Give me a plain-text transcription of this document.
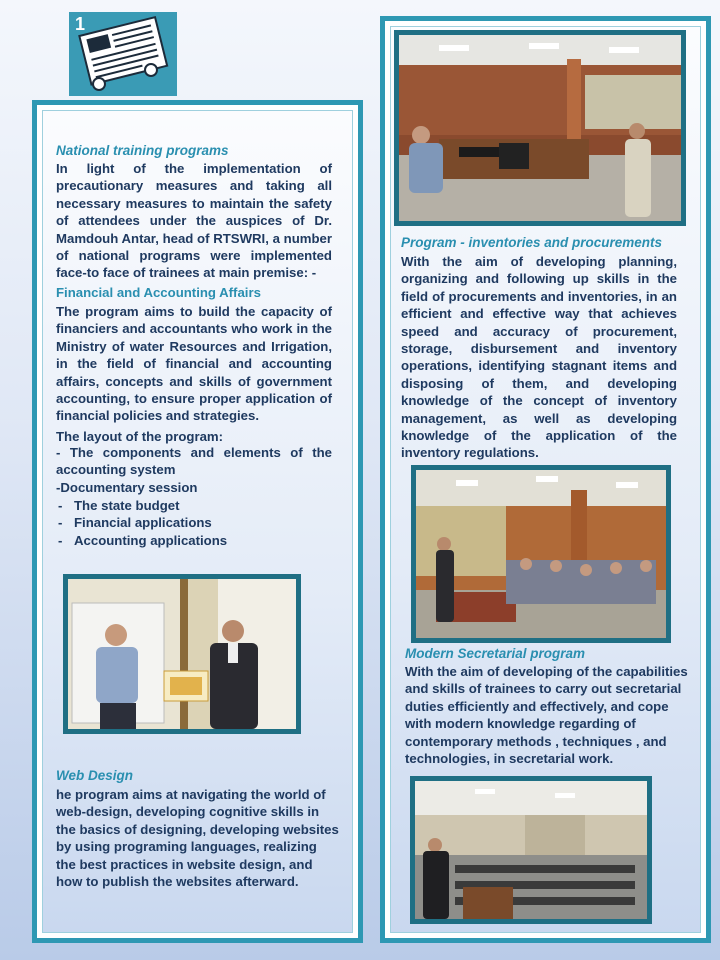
1
National training programs
In light of the implementation of precautionary measures and taking all necessary measures to maintain the safety of attendees under the auspices of Dr. Mamdouh Antar, head of RTSWRI, a number of national programs were implemented face-to face of trainees at main premise: -
Financial and Accounting Affairs
The program aims to build the capacity of financiers and accountants who work in the Ministry of water Resources and Irrigation, in the field of financial and accounting affairs, concepts and skills of government accounting, to ensure proper application of financial policies and strategies.
The layout of the program:
- The components and elements of the accounting system
-Documentary session
- The state budget
- Financial applications
- Accounting applications
Web Design
he program aims at navigating the world of web-design, developing cognitive skills in the basics of designing, developing websites by using programing languages, realizing the best practices in website design, and how to publish the websites afterward.
Program - inventories and procurements
With the aim of developing planning, organizing and following up skills in the field of procurements and inventories, in an efficient and effective way that achieves speed and accuracy of procurement, storage, disbursement and inventory operations, identifying stagnant items and disposing of them, and developing knowledge of the concept of inventory management, as well as developing knowledge of the application of the inventory regulations.
Modern Secretarial program
With the aim of developing of the capabilities and skills of trainees to carry out secretarial duties efficiently and effectively, and cope with modern knowledge regarding of contemporary methods , techniques , and technologies, in secretarial work.
